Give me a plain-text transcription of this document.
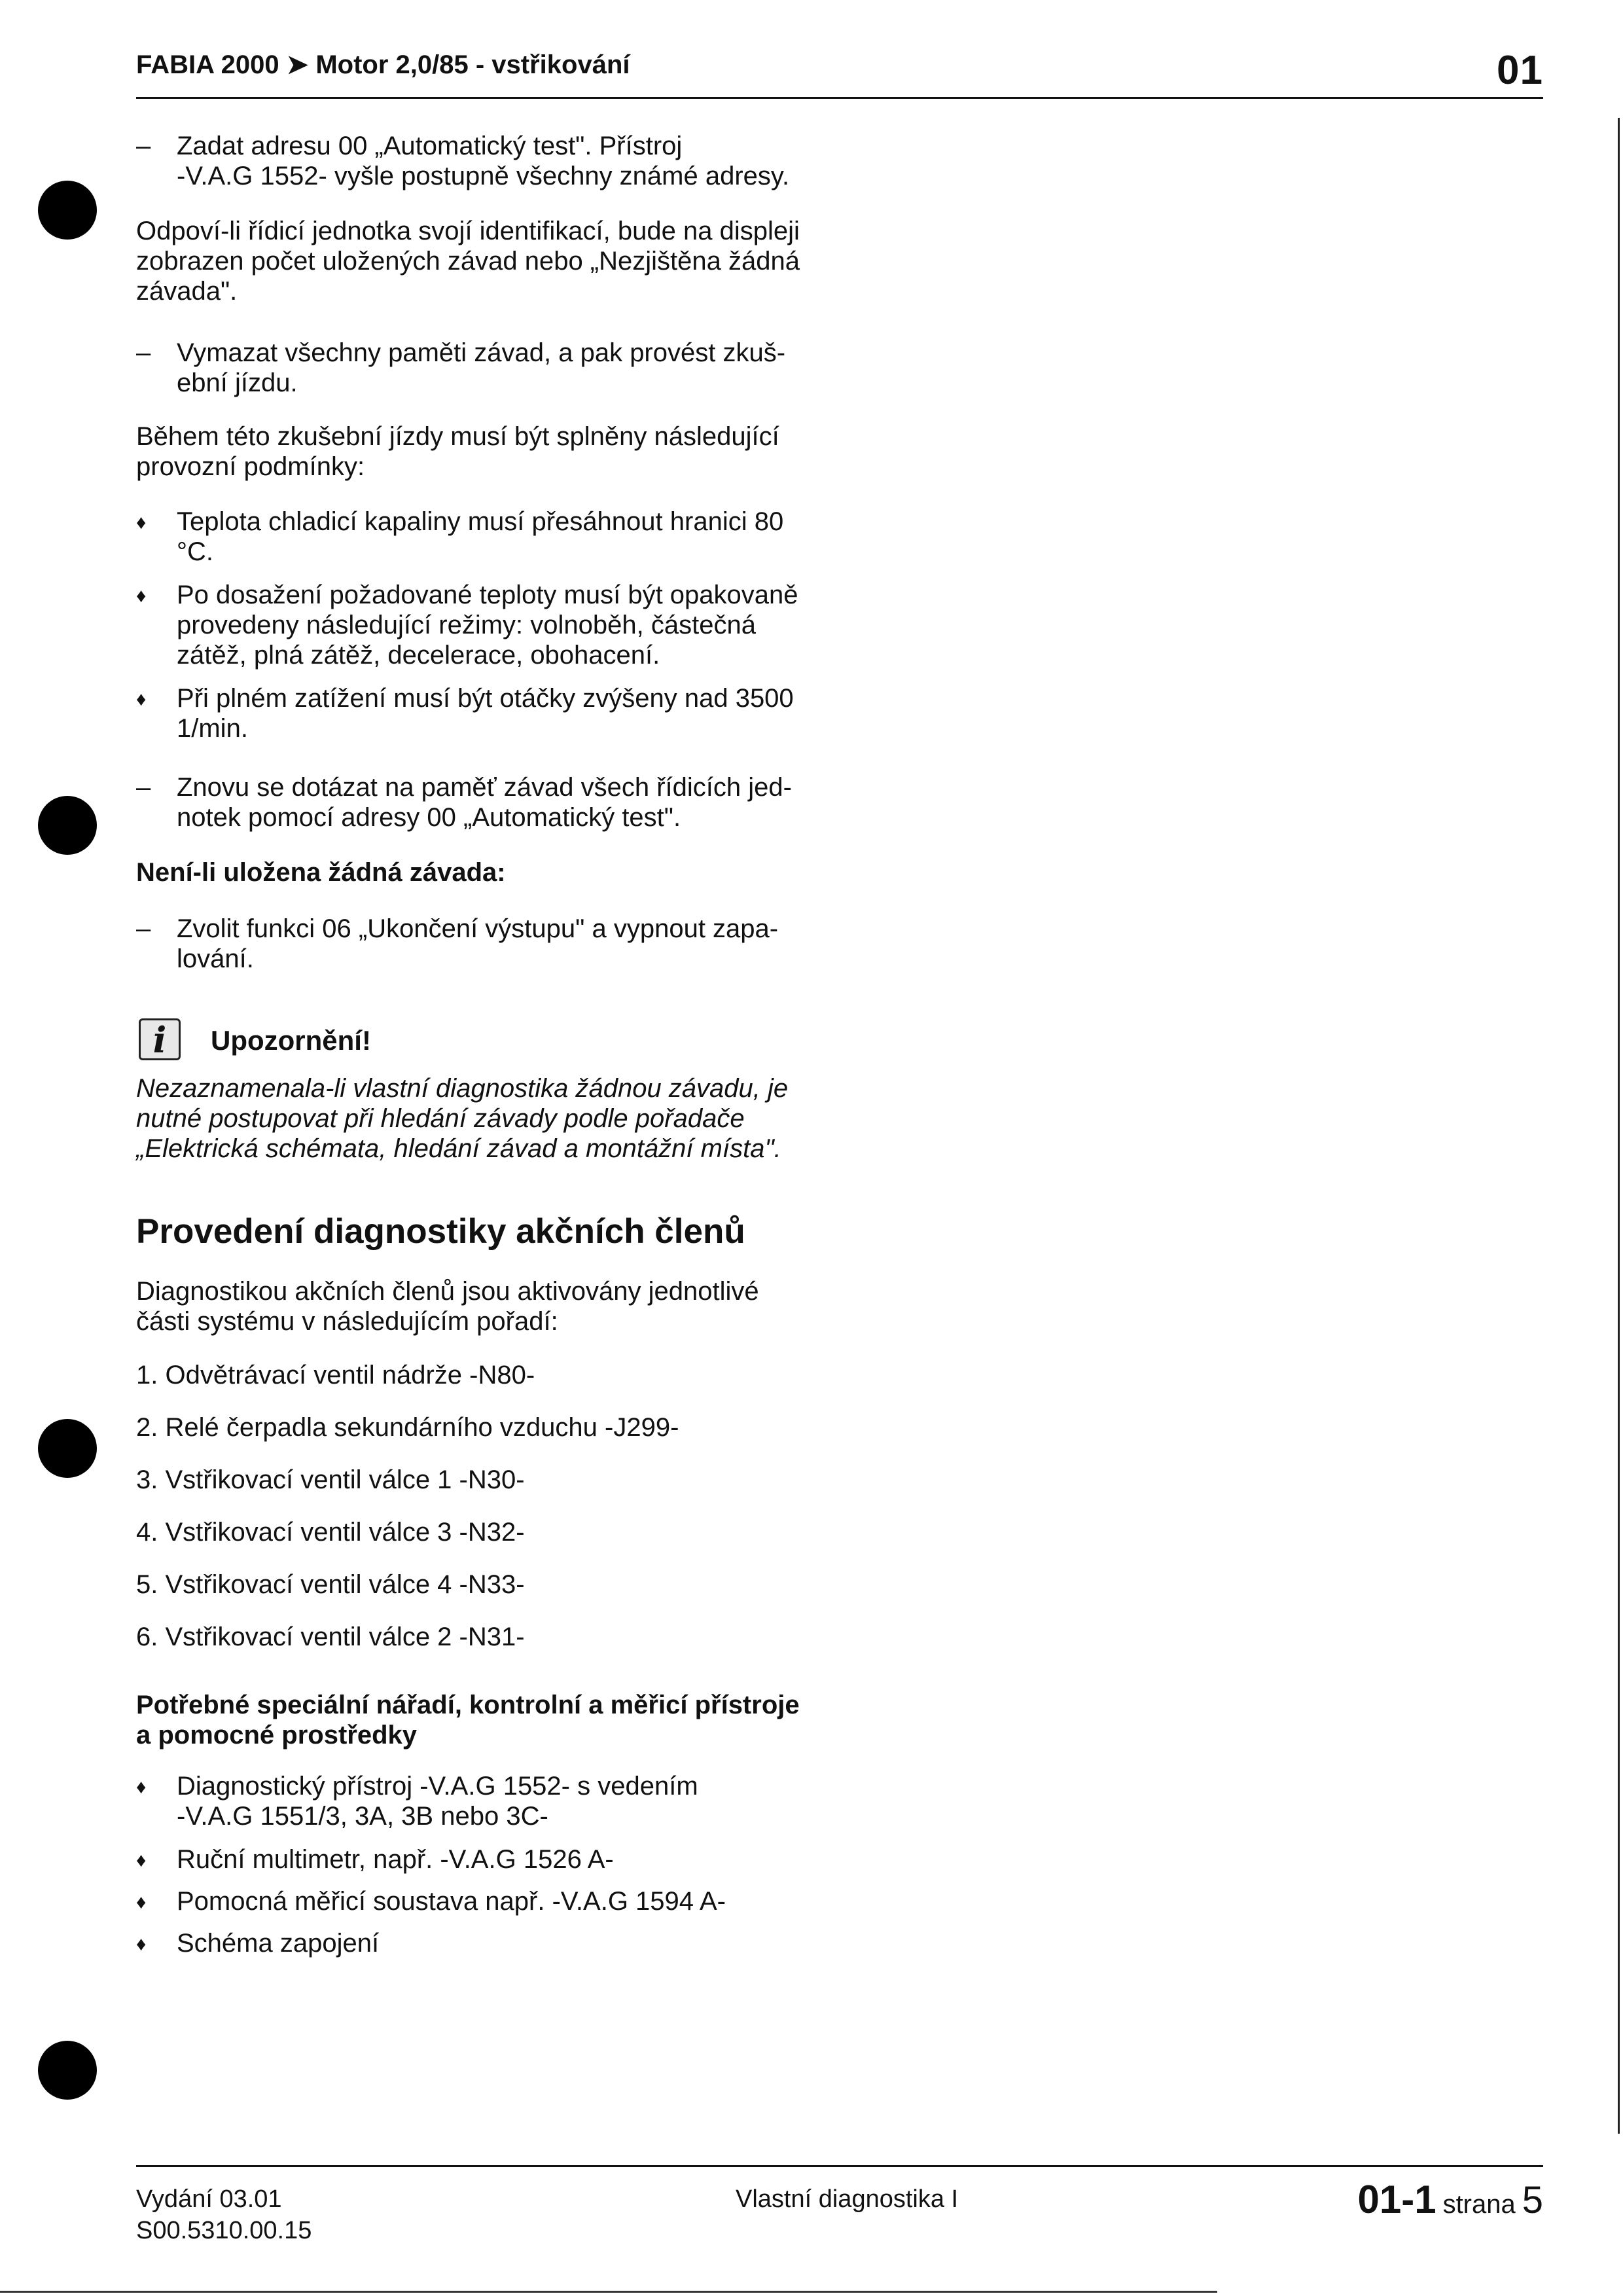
FABIA 2000 ➤ Motor 2,0/85 - vstřikování	01
– Zadat adresu 00 „Automatický test". Přístroj

-V.A.G 1552- vyšle postupně všechny známé adresy.

Odpoví-li řídicí jednotka svojí identifikací, bude na displeji

zobrazen počet uložených závad nebo „Nezjištěna žádná

závada".

– Vymazat všechny paměti závad, a pak provést zkuš-

ební jízdu.

Během této zkušební jízdy musí být splněny následující

provozní podmínky:

♦ Teplota chladicí kapaliny musí přesáhnout hranici 80

°C.

♦ Po dosažení požadované teploty musí být opakovaně

provedeny následující režimy: volnoběh, částečná

zátěž, plná zátěž, decelerace, obohacení.

♦ Při plném zatížení musí být otáčky zvýšeny nad 3500

1/min.

– Znovu se dotázat na paměť závad všech řídicích jed-

notek pomocí adresy 00 „Automatický test".

Není-li uložena žádná závada:
– Zvolit funkci 06 „Ukončení výstupu" a vypnout zapa-

lování.

i	Upozornění!

Nezaznamenala-li vlastní diagnostika žádnou závadu, je

nutné postupovat při hledání závady podle pořadače

„Elektrická schémata, hledání závad a montážní místa".

Provedení diagnostiky akčních členů

Diagnostikou akčních členů jsou aktivovány jednotlivé

části systému v následujícím pořadí:

1. Odvětrávací ventil nádrže -N80-
2. Relé čerpadla sekundárního vzduchu -J299-
3. Vstřikovací ventil válce 1 -N30-
4. Vstřikovací ventil válce 3 -N32-
5. Vstřikovací ventil válce 4 -N33-
6. Vstřikovací ventil válce 2 -N31-

Potřebné speciální nářadí, kontrolní a měřicí přístroje

a pomocné prostředky

♦ Diagnostický přístroj -V.A.G 1552- s vedením

-V.A.G 1551/3, 3A, 3B nebo 3C-

♦ Ruční multimetr, např. -V.A.G 1526 A-

♦ Pomocná měřicí soustava např. -V.A.G 1594 A-

♦ Schéma zapojení

Vydání 03.01
S00.5310.00.15
Vlastní diagnostika I	01-1 strana 5
